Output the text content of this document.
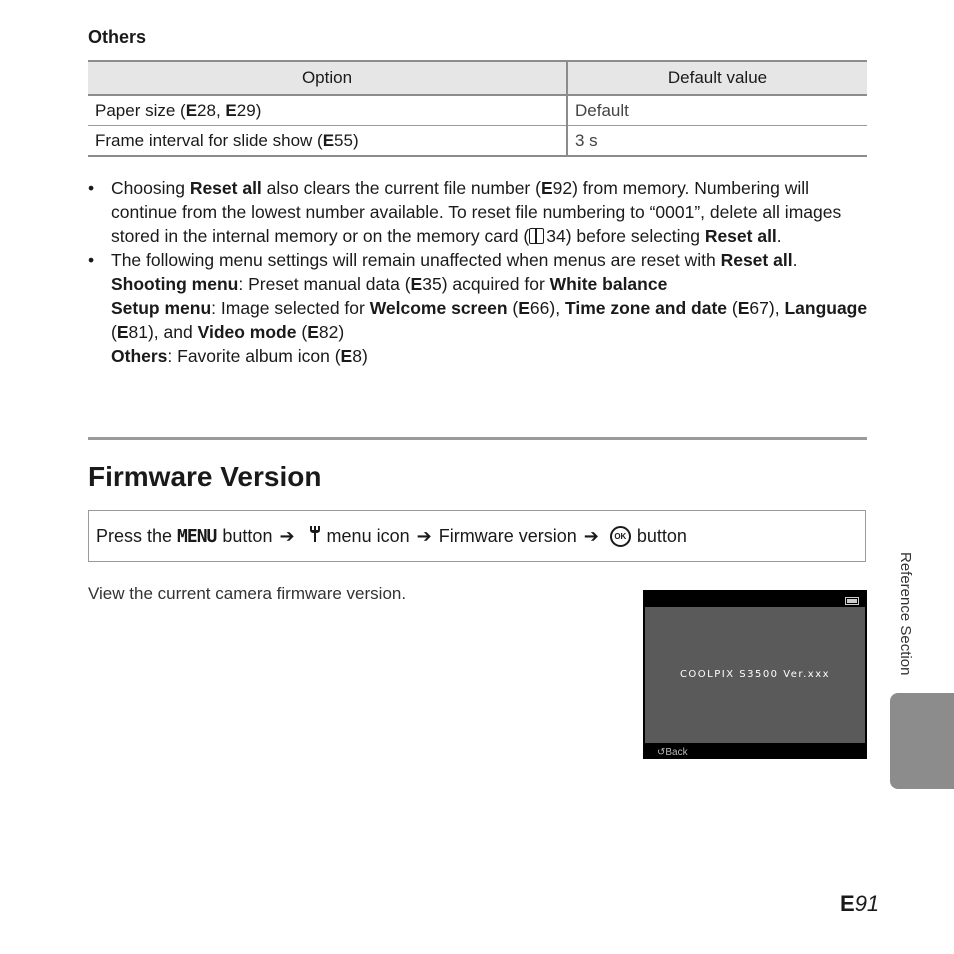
Others
Option	Default value
Paper size (E 28, E 29)	Default
Frame interval for slide show (E 55)	3 s
• Choosing Reset all also clears the current file number (E 92) from memory. Numbering will continue from the lowest number available. To reset file numbering to “0001”, delete all images stored in the internal memory or on the memory card ( 34) before selecting Reset all.
• The following menu settings will remain unaffected when menus are reset with Reset all.
Shooting menu: Preset manual data (E 35) acquired for White balance
Setup menu: Image selected for Welcome screen (E 66), Time zone and date (E 67), Language (E 81), and Video mode (E 82)
Others: Favorite album icon (E 8)
Firmware Version
Press the MENU button ➔ menu icon ➔ Firmware version ➔	OK button
View the current camera firmware version.
COOLPIX S3500 Ver.xxx
↺Back
Reference Section
E91
